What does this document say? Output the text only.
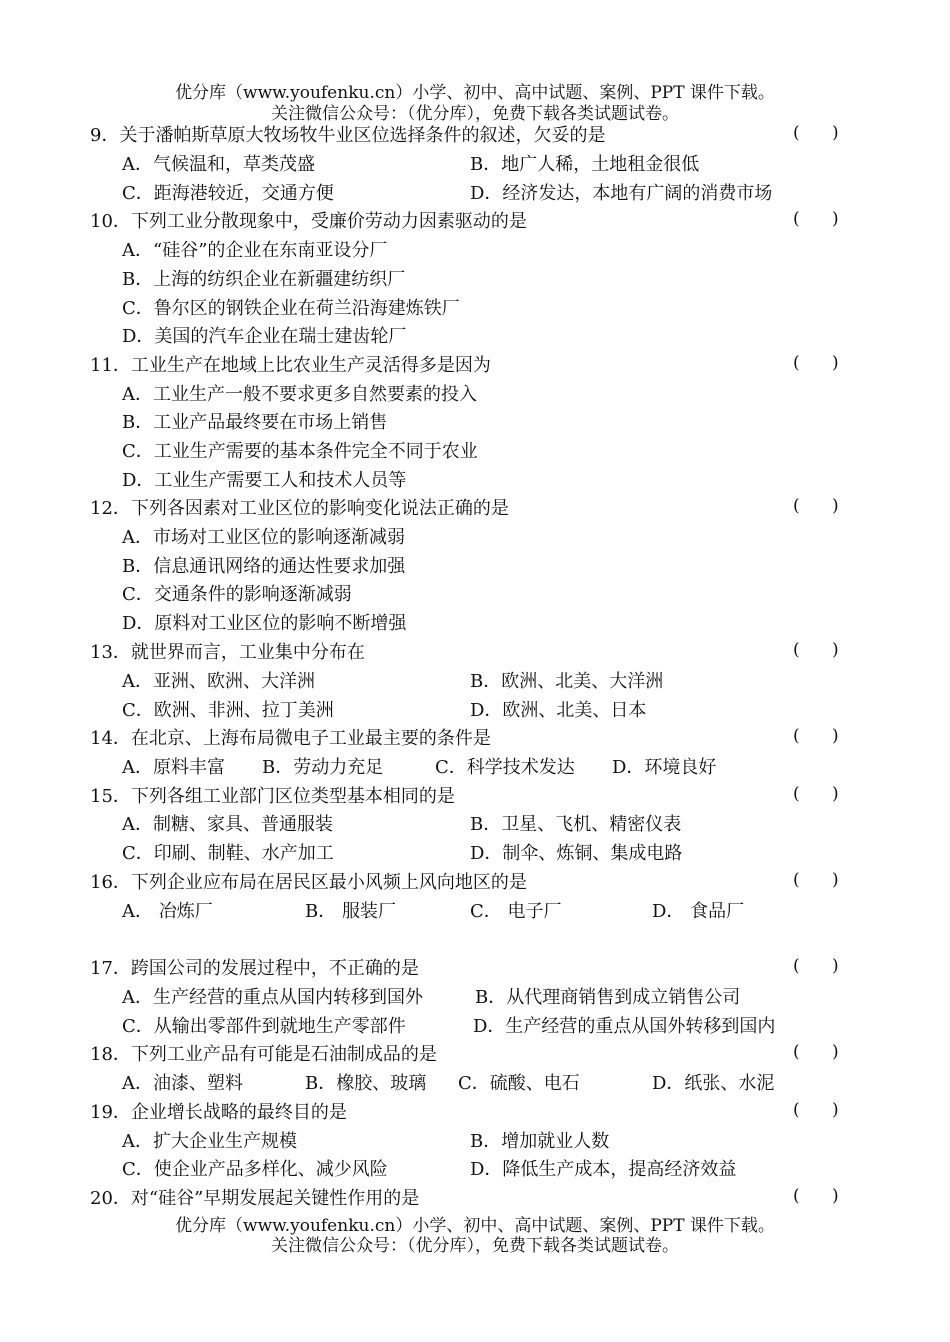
优分库（www.youfenku.cn）小学、初中、高中试题、案例、PPT 课件下载。
关注微信公众号：（优分库），免费下载各类试题试卷。
9．关于潘帕斯草原大牧场牧牛业区位选择条件的叙述，欠妥的是	(      )
A．气候温和，草类茂盛	B．地广人稀，土地租金很低
C．距海港较近，交通方便	D．经济发达，本地有广阔的消费市场
10．下列工业分散现象中，受廉价劳动力因素驱动的是	(      )
A．“硅谷”的企业在东南亚设分厂
B．上海的纺织企业在新疆建纺织厂
C．鲁尔区的钢铁企业在荷兰沿海建炼铁厂
D．美国的汽车企业在瑞士建齿轮厂
11．工业生产在地域上比农业生产灵活得多是因为	(      )
A．工业生产一般不要求更多自然要素的投入
B．工业产品最终要在市场上销售
C．工业生产需要的基本条件完全不同于农业
D．工业生产需要工人和技术人员等
12．下列各因素对工业区位的影响变化说法正确的是	(      )
A．市场对工业区位的影响逐渐减弱
B．信息通讯网络的通达性要求加强
C．交通条件的影响逐渐减弱
D．原料对工业区位的影响不断增强
13．就世界而言，工业集中分布在	(      )
A．亚洲、欧洲、大洋洲	B．欧洲、北美、大洋洲
C．欧洲、非洲、拉丁美洲	D．欧洲、北美、日本
14．在北京、上海布局微电子工业最主要的条件是	(      )
A．原料丰富 B．劳动力充足	C．科学技术发达 D．环境良好
15．下列各组工业部门区位类型基本相同的是	(      )
A．制糖、家具、普通服装	B．卫星、飞机、精密仪表
C．印刷、制鞋、水产加工	D．制伞、炼铜、集成电路
16．下列企业应布局在居民区最小风频上风向地区的是	(      )
A． 冶炼厂	B． 服装厂	C． 电子厂	D． 食品厂
17．跨国公司的发展过程中，不正确的是	(      )
A．生产经营的重点从国内转移到国外	B．从代理商销售到成立销售公司
C．从输出零部件到就地生产零部件	D．生产经营的重点从国外转移到国内
18．下列工业产品有可能是石油制成品的是	(      )
A．油漆、塑料	B．橡胶、玻璃 C．硫酸、电石	D．纸张、水泥
19．企业增长战略的最终目的是	(      )
A．扩大企业生产规模	B．增加就业人数
C．使企业产品多样化、减少风险	D．降低生产成本，提高经济效益
20．对“硅谷”早期发展起关键性作用的是	(      )
优分库（www.youfenku.cn）小学、初中、高中试题、案例、PPT 课件下载。
关注微信公众号：（优分库），免费下载各类试题试卷。
